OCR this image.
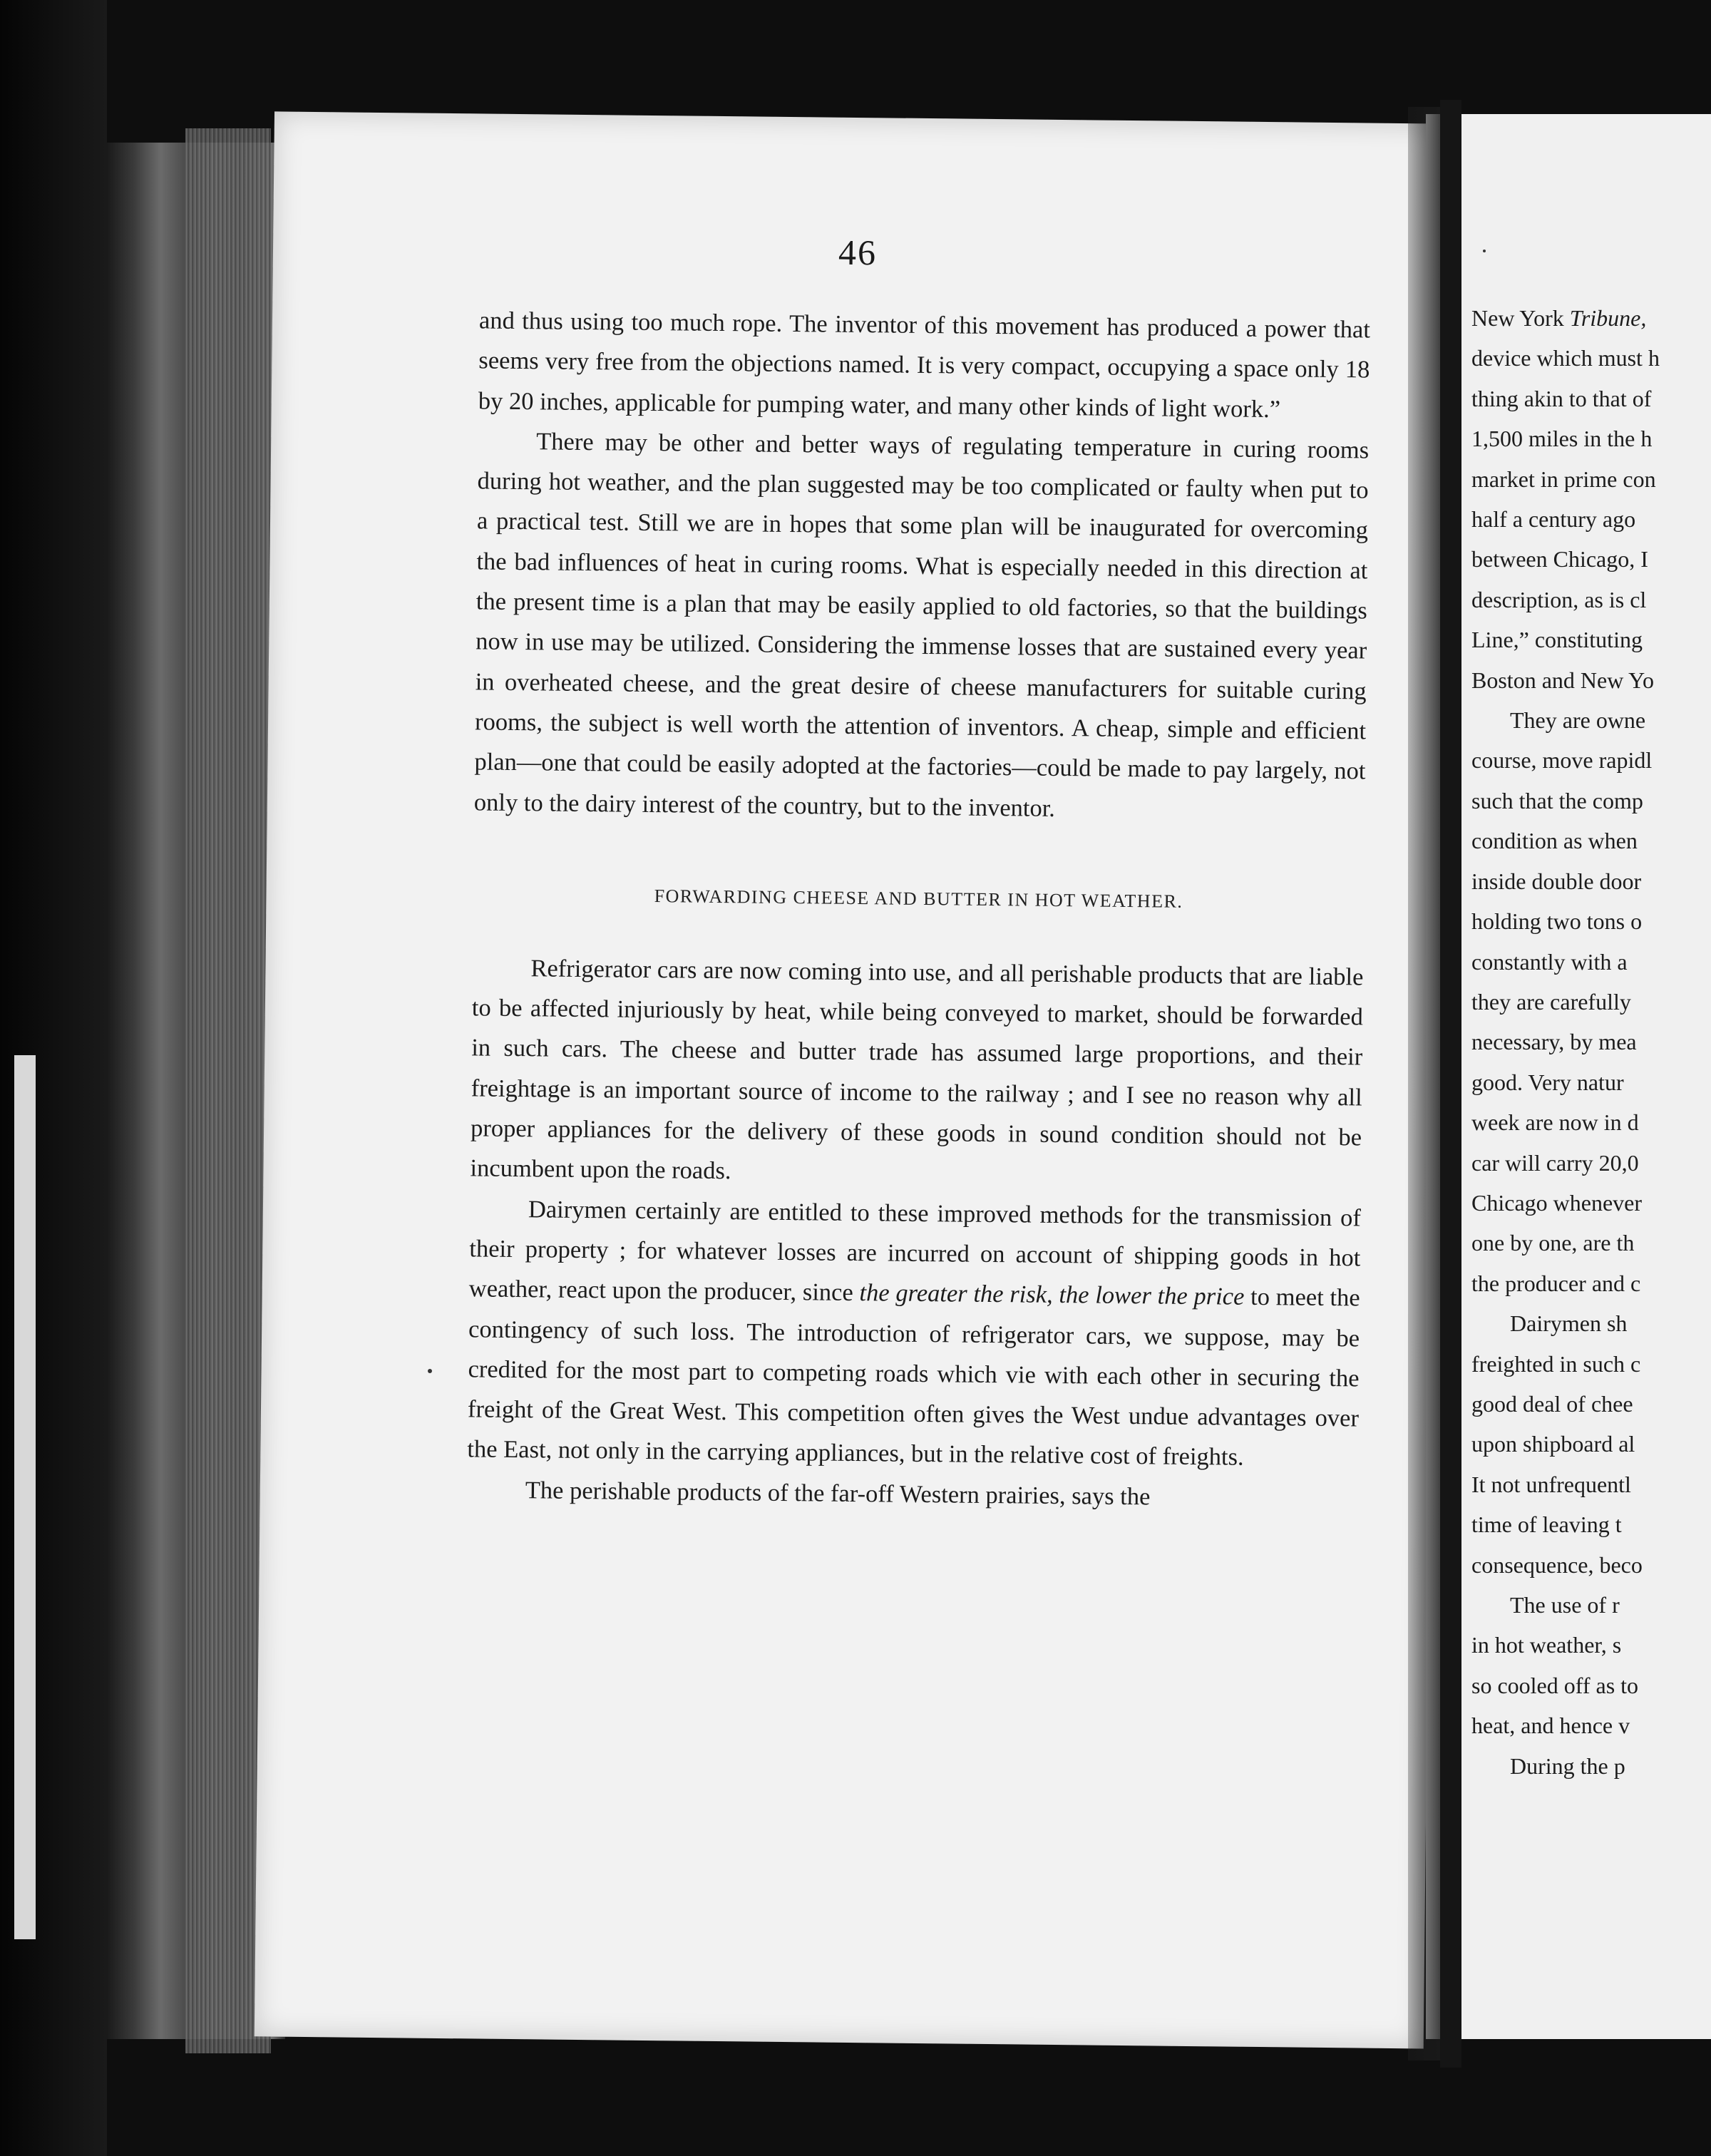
46

and thus using too much rope. The inventor of this movement has produced a power that seems very free from the objections named. It is very compact, occupying a space only 18 by 20 inches, applicable for pumping water, and many other kinds of light work.”

There may be other and better ways of regulating temperature in curing rooms during hot weather, and the plan suggested may be too complicated or faulty when put to a practical test. Still we are in hopes that some plan will be inaugurated for overcoming the bad influences of heat in curing rooms. What is especially needed in this direction at the present time is a plan that may be easily applied to old factories, so that the buildings now in use may be utilized. Considering the immense losses that are sustained every year in overheated cheese, and the great desire of cheese manufacturers for suitable curing rooms, the subject is well worth the attention of inventors. A cheap, simple and efficient plan—one that could be easily adopted at the factories—could be made to pay largely, not only to the dairy interest of the country, but to the inventor.

FORWARDING CHEESE AND BUTTER IN HOT WEATHER.

Refrigerator cars are now coming into use, and all perishable products that are liable to be affected injuriously by heat, while being conveyed to market, should be forwarded in such cars. The cheese and butter trade has assumed large proportions, and their freightage is an important source of income to the railway ; and I see no reason why all proper appliances for the delivery of these goods in sound condition should not be incumbent upon the roads.

Dairymen certainly are entitled to these improved methods for the transmission of their property ; for whatever losses are incurred on account of shipping goods in hot weather, react upon the producer, since the greater the risk, the lower the price to meet the contingency of such loss. The introduction of refrigerator cars, we suppose, may be credited for the most part to competing roads which vie with each other in securing the freight of the Great West. This competition often gives the West undue advantages over the East, not only in the carrying appliances, but in the relative cost of freights.

The perishable products of the far-off Western prairies, says the

New York Tribune,

device which must h

thing akin to that of

1,500 miles in the h

market in prime con

half a century ago

between Chicago, I

description, as is cl

Line,” constituting

Boston and New Yo

They are owne

course, move rapidl

such that the comp

condition as when

inside double door

holding two tons o

constantly with a

they are carefully

necessary, by mea

good. Very natur

week are now in d

car will carry 20,0

Chicago whenever

one by one, are th

the producer and c

Dairymen sh

freighted in such c

good deal of chee

upon shipboard al

It not unfrequentl

time of leaving t

consequence, beco

The use of r

in hot weather, s

so cooled off as to

heat, and hence v

During the p
